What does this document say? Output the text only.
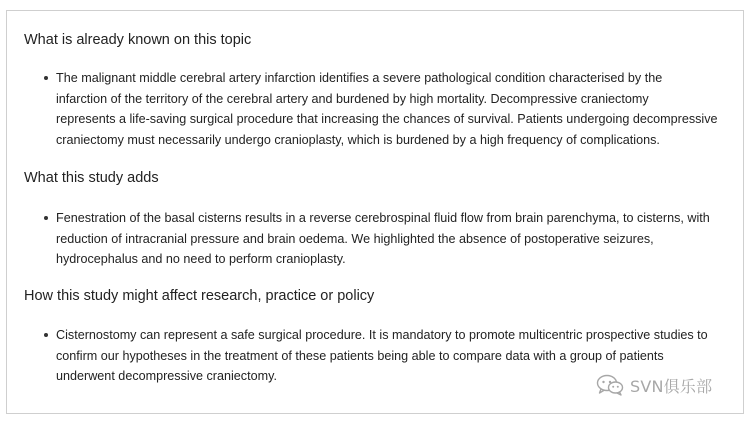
What is already known on this topic
The malignant middle cerebral artery infarction identifies a severe pathological condition characterised by the
infarction of the territory of the cerebral artery and burdened by high mortality. Decompressive craniectomy
represents a life-saving surgical procedure that increasing the chances of survival. Patients undergoing decompressive
craniectomy must necessarily undergo cranioplasty, which is burdened by a high frequency of complications.
What this study adds
Fenestration of the basal cisterns results in a reverse cerebrospinal fluid flow from brain parenchyma, to cisterns, with
reduction of intracranial pressure and brain oedema. We highlighted the absence of postoperative seizures,
hydrocephalus and no need to perform cranioplasty.
How this study might affect research, practice or policy
Cisternostomy can represent a safe surgical procedure. It is mandatory to promote multicentric prospective studies to
confirm our hypotheses in the treatment of these patients being able to compare data with a group of patients
underwent decompressive craniectomy.
SVN俱乐部
